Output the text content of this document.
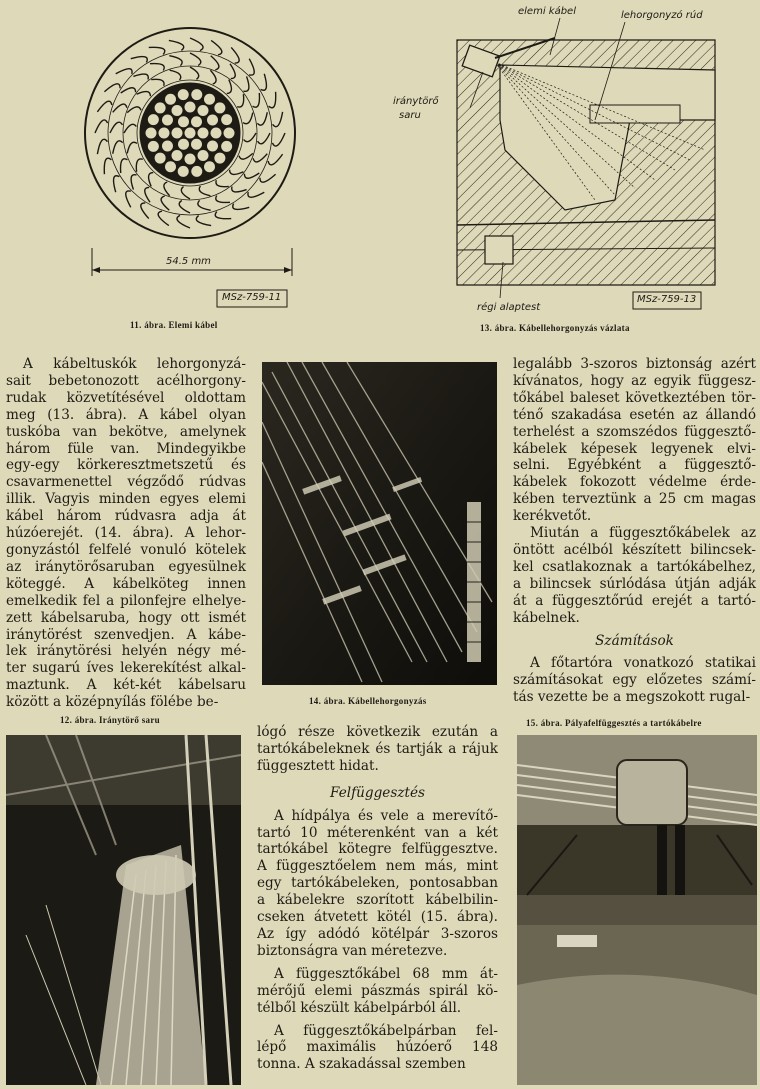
54.5 mm
MSz-759-11
11. ábra. Elemi kábel
elemi kábel	lehorgonyzó rúd
iránytörő
saru
régi alaptest
MSz-759-13
13. ábra. Kábellehorgonyzás vázlata
A kábeltuskók lehorgonyzá-
sait bebetonozott acélhorgony-
rudak közvetítésével oldottam
meg (13. ábra). A kábel olyan
tuskóba van bekötve, amelynek
három füle van. Mindegyikbe
egy-egy körkeresztmetszetű és
csavarmenettel végződő rúdvas
illik. Vagyis minden egyes elemi
kábel három rúdvasra adja át
húzóerejét. (14. ábra). A lehor-
gonyzástól felfelé vonuló kötelek
az iránytörősaruban egyesülnek
köteggé. A kábelköteg innen
emelkedik fel a pilonfejre elhelye-
zett kábelsaruba, hogy ott ismét
iránytörést szenvedjen. A kábe-
lek iránytörési helyén négy mé-
ter sugarú íves lekerekítést alkal-
maztunk. A két-két kábelsaru
között a középnyílás fölébe be-	14. ábra. Kábellehorgonyzás
legalább 3-szoros biztonság azért
kívánatos, hogy az egyik függesz-
tőkábel baleset következtében tör-
ténő szakadása esetén az állandó
terhelést a szomszédos függesztő-
kábelek képesek legyenek elvi-
selni. Egyébként a függesztő-
kábelek fokozott védelme érde-
kében terveztünk a 25 cm magas
kerékvetőt.
Miután a függesztőkábelek az
öntött acélból készített bilincsek-
kel csatlakoznak a tartókábelhez,
a bilincsek súrlódása útján adják
át a függesztőrúd erejét a tartó-
kábelnek.
Számítások
A főtartóra vonatkozó statikai
számításokat egy előzetes számí-
tás vezette be a megszokott rugal-
12. ábra. Iránytörő saru
lógó része következik ezután a
tartókábeleknek és tartják a rájuk
függesztett hidat.
Felfüggesztés
A hídpálya és vele a merevítő-
tartó 10 méterenként van a két
tartókábel kötegre felfüggesztve.
A függesztőelem nem más, mint
egy tartókábeleken, pontosabban
a kábelekre szorított kábelbilin-
cseken átvetett kötél (15. ábra).
Az így adódó kötélpár 3-szoros
biztonságra van méretezve.
A függesztőkábel 68 mm át-
mérőjű elemi pászmás spirál kö-
télből készült kábelpárból áll.
A függesztőkábelpárban fel-
lépő maximális húzóerő 148
tonna. A szakadással szemben
15. ábra. Pályafelfüggesztés a tartókábelre
